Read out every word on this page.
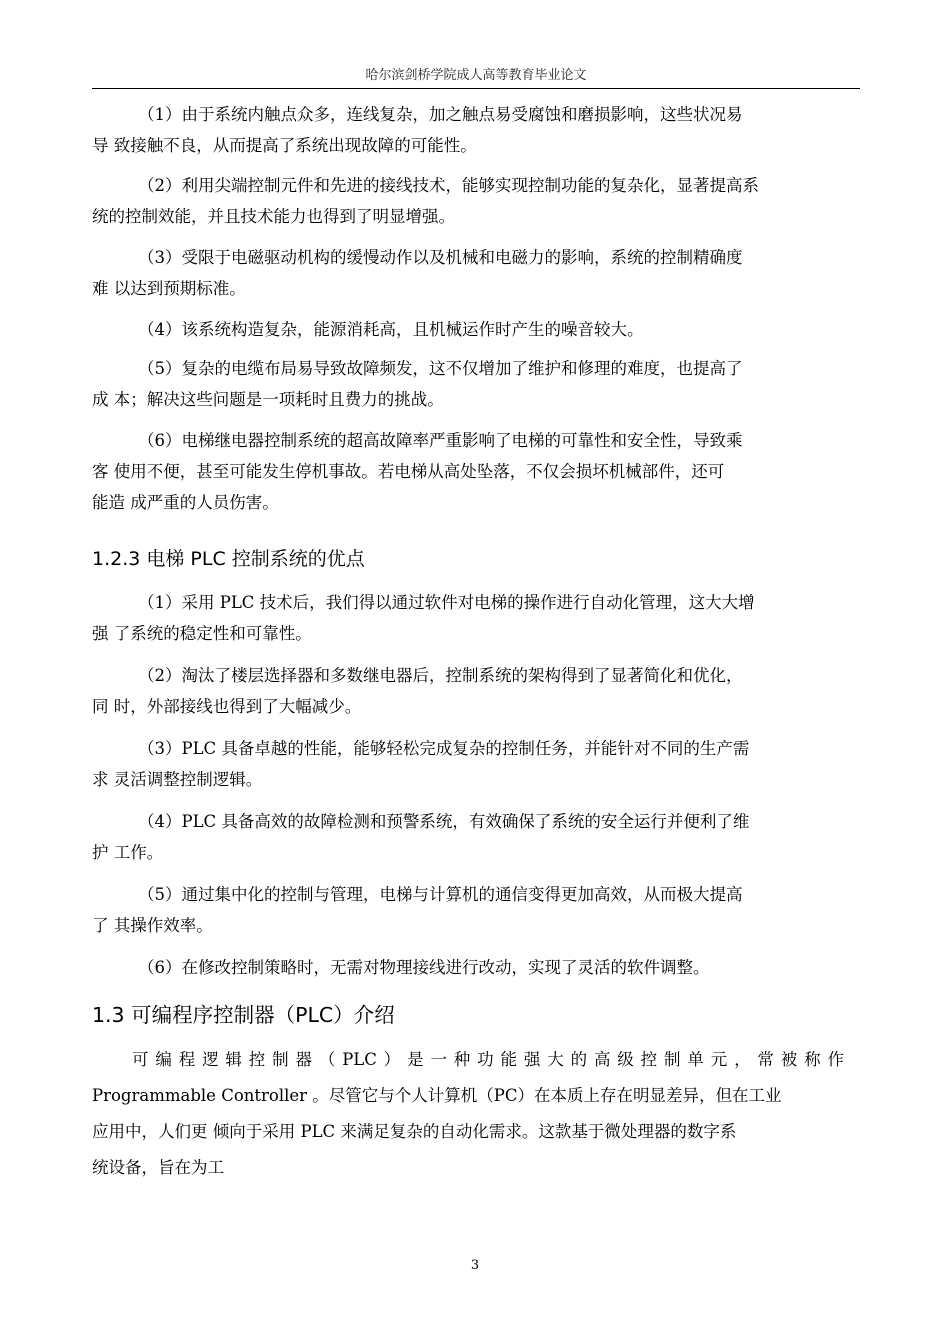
哈尔滨剑桥学院成人高等教育毕业论文

（1）由于系统内触点众多，连线复杂，加之触点易受腐蚀和磨损影响，这些状况易
导 致接触不良，从而提高了系统出现故障的可能性。

（2）利用尖端控制元件和先进的接线技术，能够实现控制功能的复杂化，显著提高系
统的控制效能，并且技术能力也得到了明显增强。

（3）受限于电磁驱动机构的缓慢动作以及机械和电磁力的影响，系统的控制精确度
难 以达到预期标准。

（4）该系统构造复杂，能源消耗高，且机械运作时产生的噪音较大。

（5）复杂的电缆布局易导致故障频发，这不仅增加了维护和修理的难度，也提高了
成 本；解决这些问题是一项耗时且费力的挑战。

（6）电梯继电器控制系统的超高故障率严重影响了电梯的可靠性和安全性，导致乘
客 使用不便，甚至可能发生停机事故。若电梯从高处坠落，不仅会损坏机械部件，还可
能造 成严重的人员伤害。

1.2.3 电梯 PLC 控制系统的优点

（1）采用 PLC 技术后，我们得以通过软件对电梯的操作进行自动化管理，这大大增
强 了系统的稳定性和可靠性。

（2）淘汰了楼层选择器和多数继电器后，控制系统的架构得到了显著简化和优化，
同 时，外部接线也得到了大幅减少。

（3）PLC 具备卓越的性能，能够轻松完成复杂的控制任务，并能针对不同的生产需
求 灵活调整控制逻辑。

（4）PLC 具备高效的故障检测和预警系统，有效确保了系统的安全运行并便利了维
护 工作。

（5）通过集中化的控制与管理，电梯与计算机的通信变得更加高效，从而极大提高
了 其操作效率。

（6）在修改控制策略时，无需对物理接线进行改动，实现了灵活的软件调整。

1.3 可编程序控制器（PLC）介绍

可编程逻辑控制器（PLC）是一种功能强大的高级控制单元，常被称作
Programmable Controller 。尽管它与个人计算机（PC）在本质上存在明显差异，但在工业
应用中，人们更 倾向于采用 PLC 来满足复杂的自动化需求。这款基于微处理器的数字系
统设备，旨在为工

3
